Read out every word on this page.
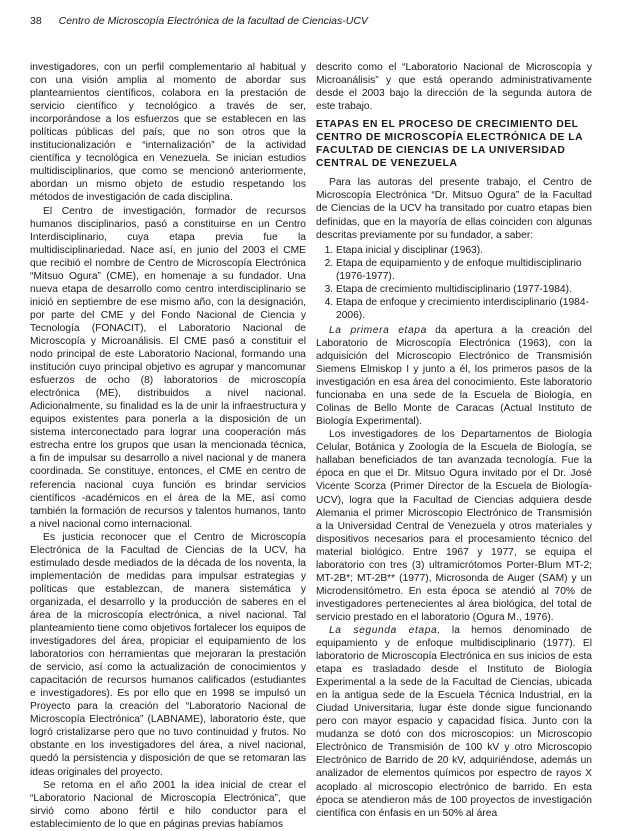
38 Centro de Microscopía Electrónica de la facultad de Ciencias-UCV

investigadores, con un perfil complementario al habitual y con una visión amplia al momento de abordar sus planteamientos científicos, colabora en la prestación de servicio científico y tecnológico a través de ser, incorporándose a los esfuerzos que se establecen en las políticas públicas del país, que no son otros que la institucionalización e “internalización” de la actividad científica y tecnológica en Venezuela. Se inician estudios multidisciplinarios, que como se mencionó anteriormente, abordan un mismo objeto de estudio respetando los métodos de investigación de cada disciplina.

El Centro de investigación, formador de recursos humanos disciplinarios, pasó a constituirse en un Centro Interdisciplinario, cuya etapa previa fue la multidisciplinariedad. Nace así, en junio del 2003 el CME que recibió el nombre de Centro de Microscopía Electrónica “Mitsuo Ogura” (CME), en homenaje a su fundador. Una nueva etapa de desarrollo como centro interdisciplinario se inició en septiembre de ese mismo año, con la designación, por parte del CME y del Fondo Nacional de Ciencia y Tecnología (FONACIT), el Laboratorio Nacional de Microscopía y Microanálisis. El CME pasó a constituir el nodo principal de este Laboratorio Nacional, formando una institución cuyo principal objetivo es agrupar y mancomunar esfuerzos de ocho (8) laboratorios de microscopía electrónica (ME), distribuidos a nivel nacional. Adicionalmente, su finalidad es la de unir la infraestructura y equipos existentes para ponerla a la disposición de un sistema interconectado para lograr una cooperación más estrecha entre los grupos que usan la mencionada técnica, a fin de impulsar su desarrollo a nivel nacional y de manera coordinada. Se constituye, entonces, el CME en centro de referencia nacional cuya función es brindar servicios científicos -académicos en el área de la ME, así como también la formación de recursos y talentos humanos, tanto a nivel nacional como internacional.

Es justicia reconocer que el Centro de Microscopía Electrónica de la Facultad de Ciencias de la UCV, ha estimulado desde mediados de la década de los noventa, la implementación de medidas para impulsar estrategias y políticas que establezcan, de manera sistemática y organizada, el desarrollo y la producción de saberes en el área de la microscopía electrónica, a nivel nacional. Tal planteamiento tiene como objetivos fortalecer los equipos de investigadores del área, propiciar el equipamiento de los laboratorios con herramientas que mejoraran la prestación de servicio, así como la actualización de conocimientos y capacitación de recursos humanos calificados (estudiantes e investigadores). Es por ello que en 1998 se impulsó un Proyecto para la creación del “Laboratorio Nacional de Microscopía Electrónica” (LABNAME), laboratorio éste, que logró cristalizarse pero que no tuvo continuidad y frutos. No obstante en los investigadores del área, a nivel nacional, quedó la persistencia y disposición de que se retomaran las ideas originales del proyecto.

Se retoma en el año 2001 la idea inicial de crear el “Laboratorio Nacional de Microscopía Electrónica”, que sirvió como abono fértil e hilo conductor para el establecimiento de lo que en páginas previas habíamos

descrito como el “Laboratorio Nacional de Microscopía y Microanálisis” y que está operando administrativamente desde el 2003 bajo la dirección de la segunda autora de este trabajo.

ETAPAS EN EL PROCESO DE CRECIMIENTO DEL CENTRO DE MICROSCOPÍA ELECTRÓNICA DE LA FACULTAD DE CIENCIAS DE LA UNIVERSIDAD CENTRAL DE VENEZUELA

Para las autoras del presente trabajo, el Centro de Microscopía Electrónica “Dr. Mitsuo Ogura” de la Facultad de Ciencias de la UCV ha transitado por cuatro etapas bien definidas, que en la mayoría de ellas coinciden con algunas descritas previamente por su fundador, a saber:

1. Etapa inicial y disciplinar (1963).
2. Etapa de equipamiento y de enfoque multidisciplinario (1976-1977).
3. Etapa de crecimiento multidisciplinario (1977-1984).
4. Etapa de enfoque y crecimiento interdisciplinario (1984-2006).

La primera etapa da apertura a la creación del Laboratorio de Microscopía Electrónica (1963), con la adquisición del Microscopio Electrónico de Transmisión Siemens Elmiskop I y junto a él, los primeros pasos de la investigación en esa área del conocimiento. Este laboratorio funcionaba en una sede de la Escuela de Biología, en Colinas de Bello Monte de Caracas (Actual Instituto de Biología Experimental).

Los investigadores de los Departamentos de Biología Celular, Botánica y Zoología de la Escuela de Biología, se hallaban beneficiados de tan avanzada tecnología. Fue la época en que el Dr. Mitsuo Ogura invitado por el Dr. José Vicente Scorza (Primer Director de la Escuela de Biología-UCV), logra que la Facultad de Ciencias adquiera desde Alemania el primer Microscopio Electrónico de Transmisión a la Universidad Central de Venezuela y otros materiales y dispositivos necesarios para el procesamiento técnico del material biológico. Entre 1967 y 1977, se equipa el laboratorio con tres (3) ultramicrótomos Porter-Blum MT-2; MT-2B*; MT-2B** (1977), Microsonda de Auger (SAM) y un Microdensitómetro. En esta época se atendió al 70% de investigadores pertenecientes al área biológica, del total de servicio prestado en el laboratorio (Ogura M., 1976).

La segunda etapa, la hemos denominado de equipamiento y de enfoque multidisciplinario (1977). El laboratorio de Microscopía Electrónica en sus inicios de esta etapa es trasladado desde el Instituto de Biología Experimental a la sede de la Facultad de Ciencias, ubicada en la antigua sede de la Escuela Técnica Industrial, en la Ciudad Universitaria, lugar éste donde sigue funcionando pero con mayor espacio y capacidad física. Junto con la mudanza se dotó con dos microscopios: un Microscopio Electrónico de Transmisión de 100 kV y otro Microscopio Electrónico de Barrido de 20 kV, adquiriéndose, además un analizador de elementos químicos por espectro de rayos X acoplado al microscopio electrónico de barrido. En esta época se atendieron más de 100 proyectos de investigación científica con énfasis en un 50% al área
